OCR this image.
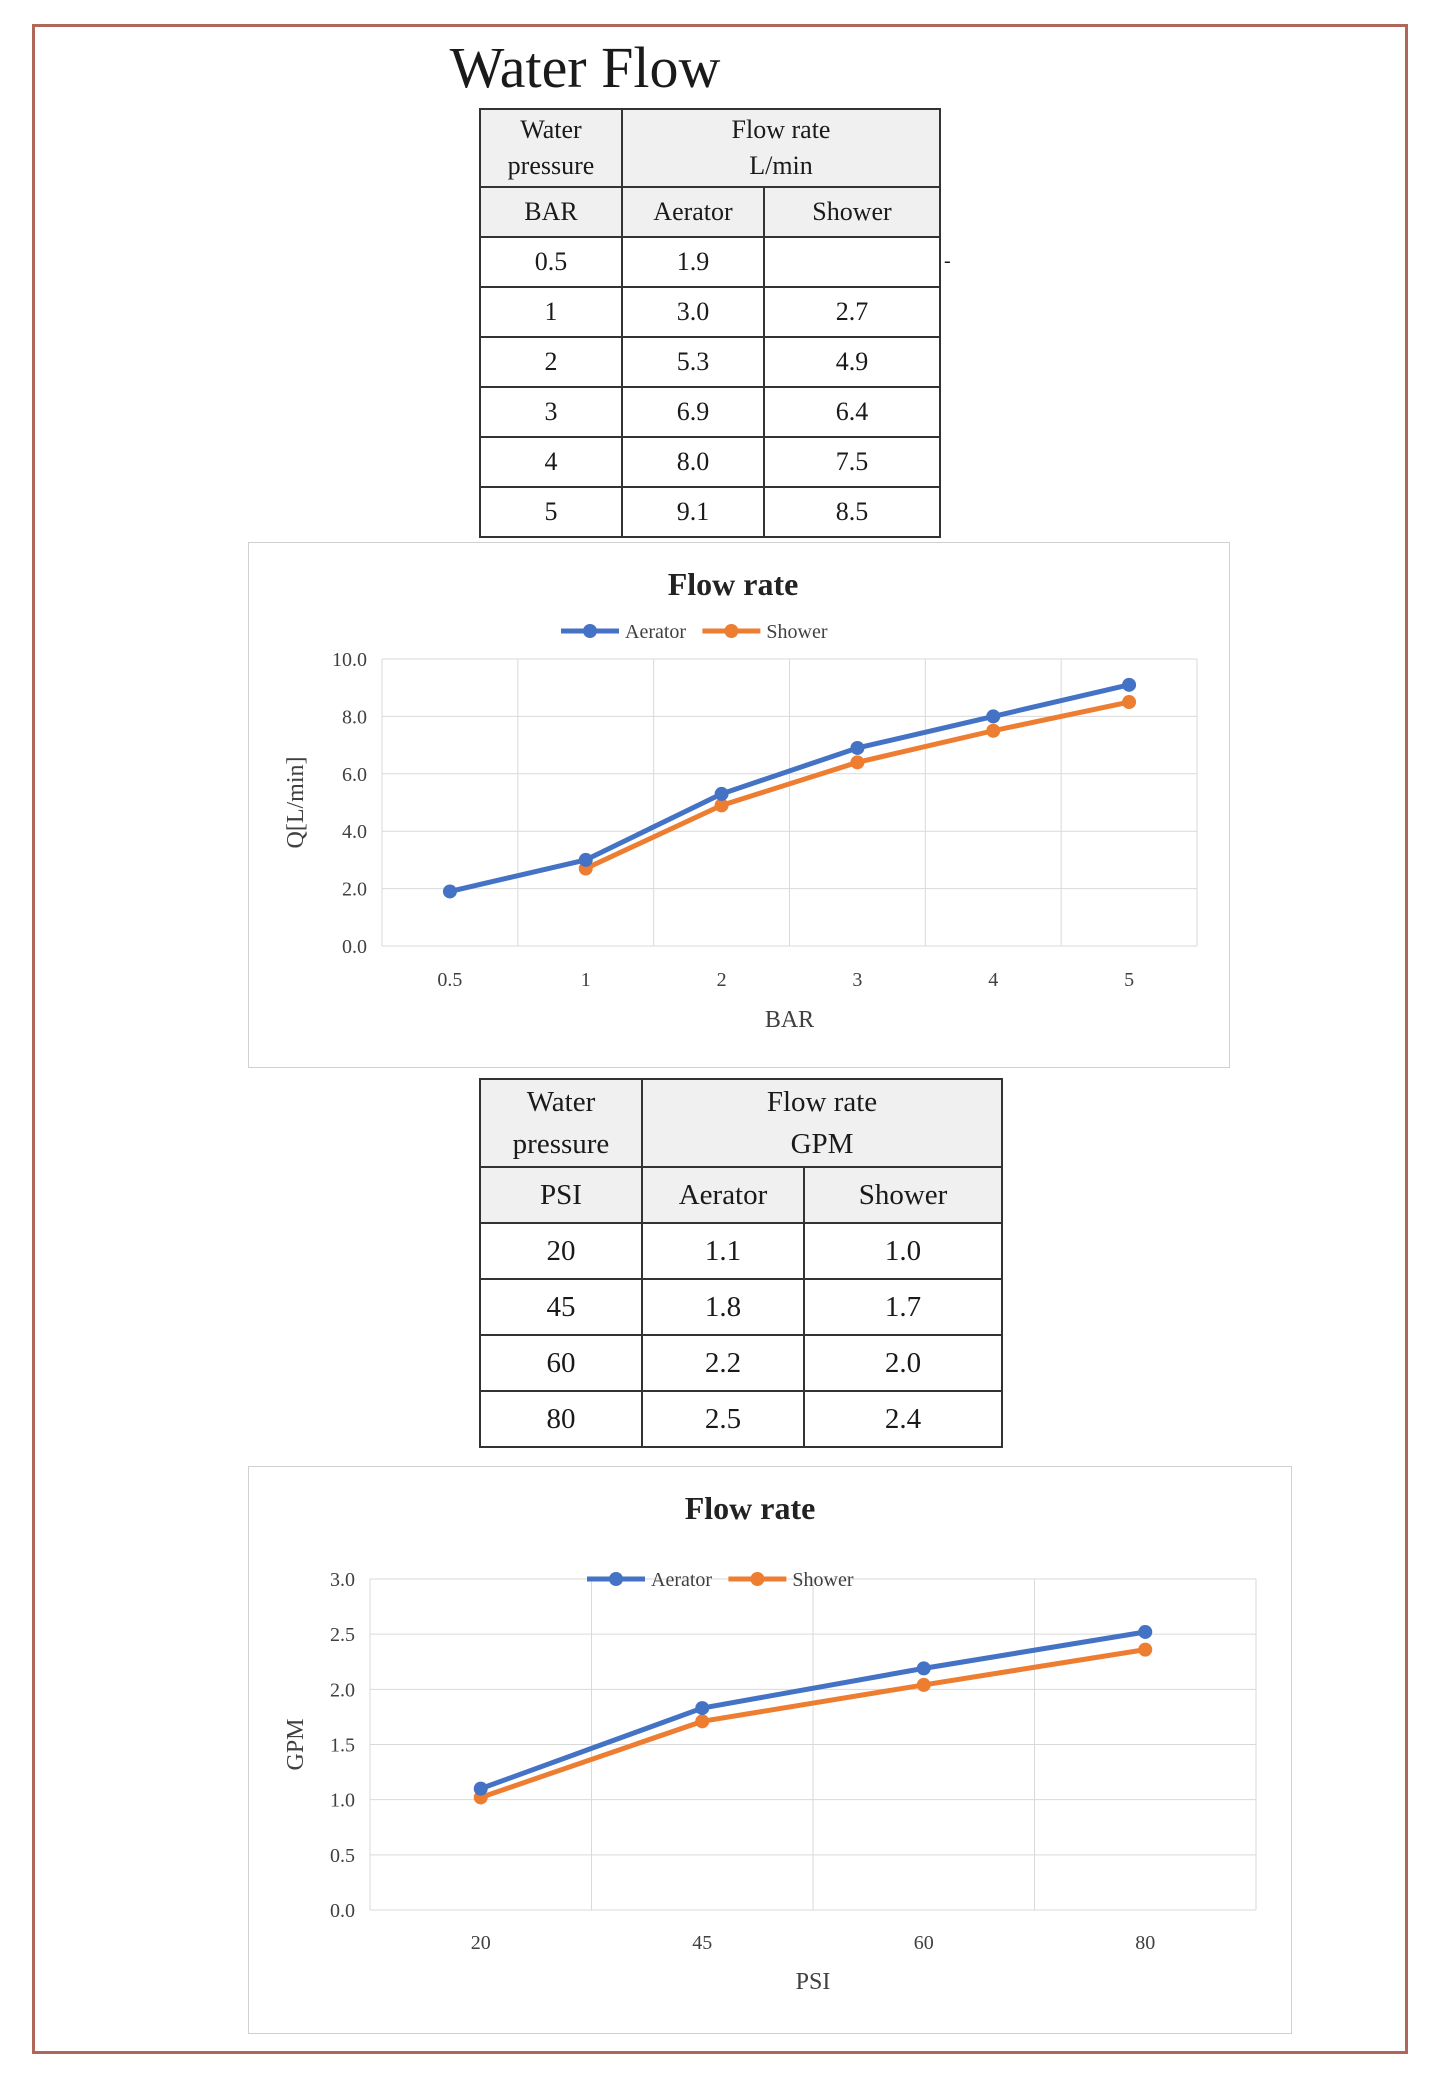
Water Flow
Water pressure	Flow rate
L/min	
BAR	Aerator	Shower
0.5	1.9	
1	3.0	2.7
2	5.3	4.9
3	6.9	6.4
4	8.0	7.5
5	9.1	8.5
-
0.0
2.0
4.0
6.0
8.0
10.0
0.5	1	2	3	4	5
Flow rate
BAR
Q[L/min]
Aerator	Shower
Water pressure	Flow rate
GPM	
PSI	Aerator	Shower
20	1.1	1.0
45	1.8	1.7
60	2.2	2.0
80	2.5	2.4
0.0
0.5
1.0
1.5
2.0
2.5
3.0
20	45	60	80
Flow rate
PSI
GPM
Aerator	Shower
